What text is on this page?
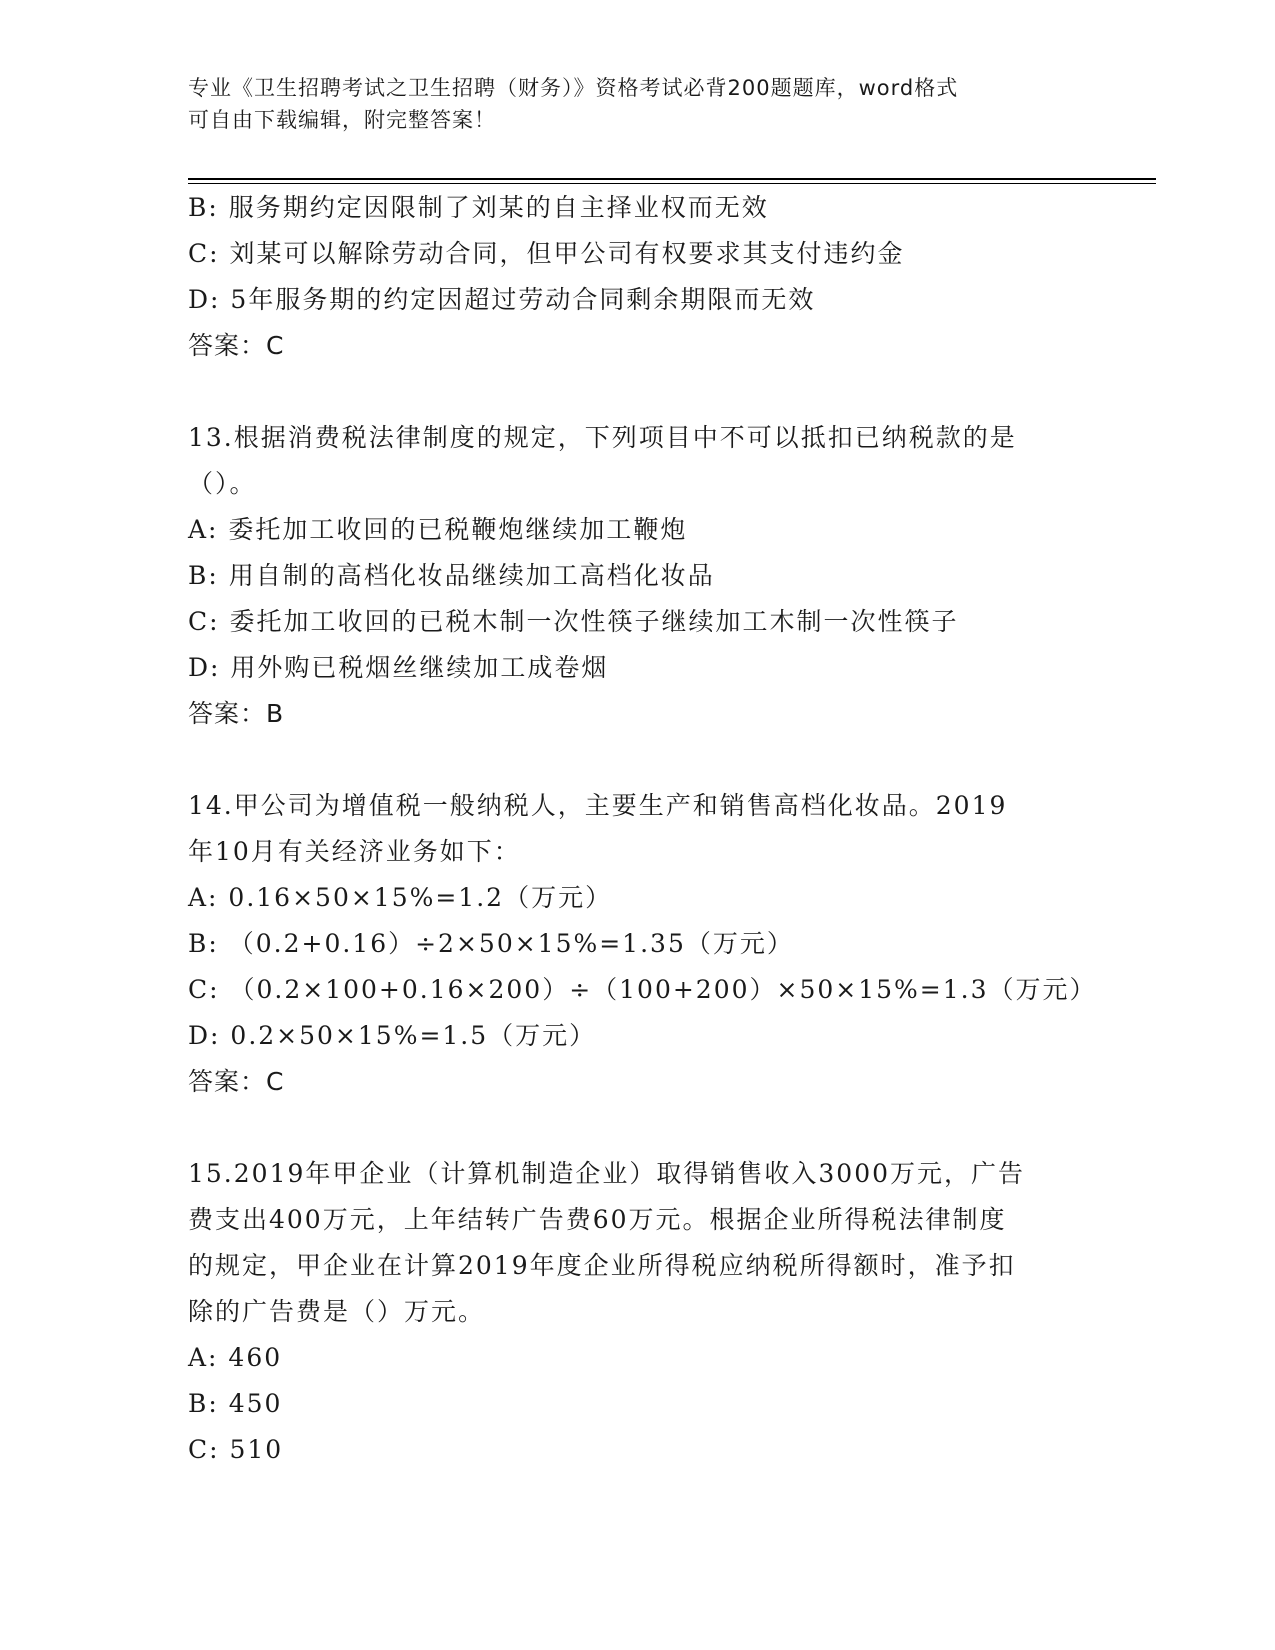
专业《卫生招聘考试之卫生招聘（财务）》资格考试必背200题题库，word格式
可自由下载编辑，附完整答案！

B: 服务期约定因限制了刘某的自主择业权而无效

C: 刘某可以解除劳动合同，但甲公司有权要求其支付违约金

D: 5年服务期的约定因超过劳动合同剩余期限而无效

答案：C

13.根据消费税法律制度的规定，下列项目中不可以抵扣已纳税款的是

（）。

A: 委托加工收回的已税鞭炮继续加工鞭炮

B: 用自制的高档化妆品继续加工高档化妆品

C: 委托加工收回的已税木制一次性筷子继续加工木制一次性筷子

D: 用外购已税烟丝继续加工成卷烟

答案：B

14.甲公司为增值税一般纳税人，主要生产和销售高档化妆品。2019

年10月有关经济业务如下：

A: 0.16×50×15%=1.2（万元）

B: （0.2+0.16）÷2×50×15%=1.35（万元）

C: （0.2×100+0.16×200）÷（100+200）×50×15%=1.3（万元）

D: 0.2×50×15%=1.5（万元）

答案：C

15.2019年甲企业（计算机制造企业）取得销售收入3000万元，广告

费支出400万元，上年结转广告费60万元。根据企业所得税法律制度

的规定，甲企业在计算2019年度企业所得税应纳税所得额时，准予扣

除的广告费是（）万元。

A: 460

B: 450

C: 510
